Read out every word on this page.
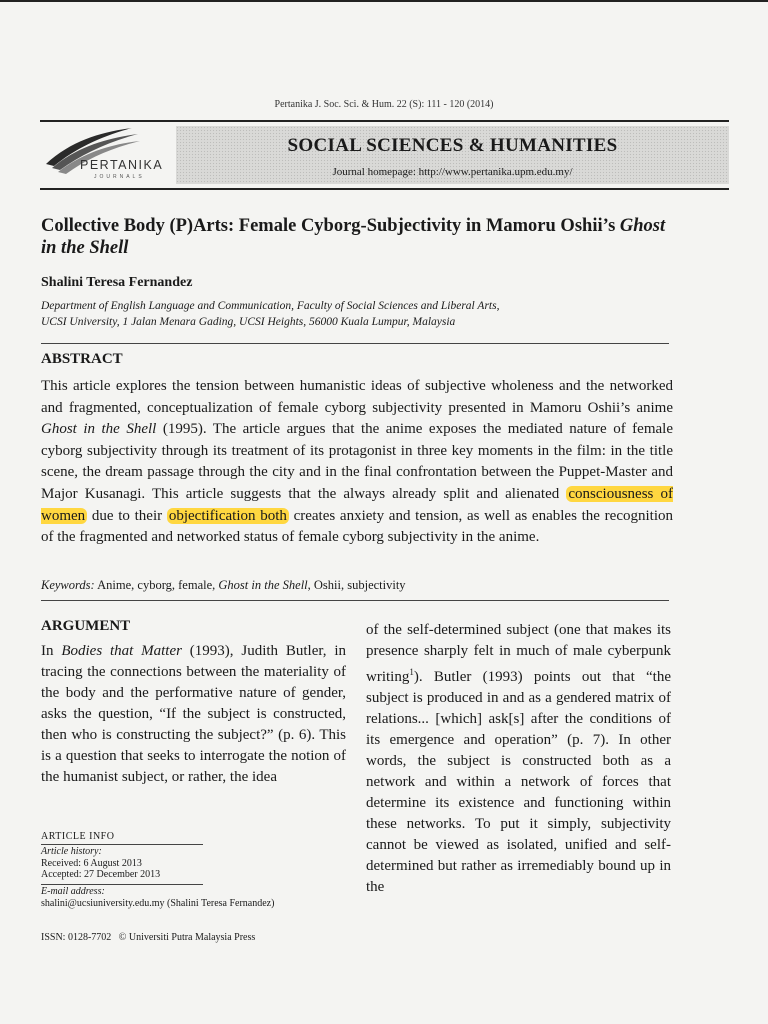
Pertanika J. Soc. Sci. & Hum. 22 (S): 111 - 120 (2014)
PERTANIKA
JOURNALS
SOCIAL SCIENCES & HUMANITIES
Journal homepage: http://www.pertanika.upm.edu.my/
Collective Body (P)Arts: Female Cyborg-Subjectivity in Mamoru Oshii’s Ghost in the Shell
Shalini Teresa Fernandez
Department of English Language and Communication, Faculty of Social Sciences and Liberal Arts,
UCSI University, 1 Jalan Menara Gading, UCSI Heights, 56000 Kuala Lumpur, Malaysia
ABSTRACT
This article explores the tension between humanistic ideas of subjective wholeness and the networked and fragmented, conceptualization of female cyborg subjectivity presented in Mamoru Oshii’s anime Ghost in the Shell (1995). The article argues that the anime exposes the mediated nature of female cyborg subjectivity through its treatment of its protagonist in three key moments in the film: in the title scene, the dream passage through the city and in the final confrontation between the Puppet-Master and Major Kusanagi. This article suggests that the always already split and alienated consciousness of women due to their objectification both creates anxiety and tension, as well as enables the recognition of the fragmented and networked status of female cyborg subjectivity in the anime.
Keywords: Anime, cyborg, female, Ghost in the Shell, Oshii, subjectivity
ARGUMENT

In Bodies that Matter (1993), Judith Butler, in tracing the connections between the materiality of the body and the performative nature of gender, asks the question, “If the subject is constructed, then who is constructing the subject?” (p. 6). This is a question that seeks to interrogate the notion of the humanist subject, or rather, the idea

of the self-determined subject (one that makes its presence sharply felt in much of male cyberpunk writing$^1$). Butler (1993) points out that “the subject is produced in and as a gendered matrix of relations... [which] ask[s] after the conditions of its emergence and operation” (p. 7). In other words, the subject is constructed both as a network and within a network of forces that determine its existence and functioning within these networks. To put it simply, subjectivity cannot be viewed as isolated, unified and self-determined but rather as irremediably bound up in the

ARTICLE INFO
Article history:
Received: 6 August 2013
Accepted: 27 December 2013
E-mail address:
shalini@ucsiuniversity.edu.my (Shalini Teresa Fernandez)
ISSN: 0128-7702   © Universiti Putra Malaysia Press
